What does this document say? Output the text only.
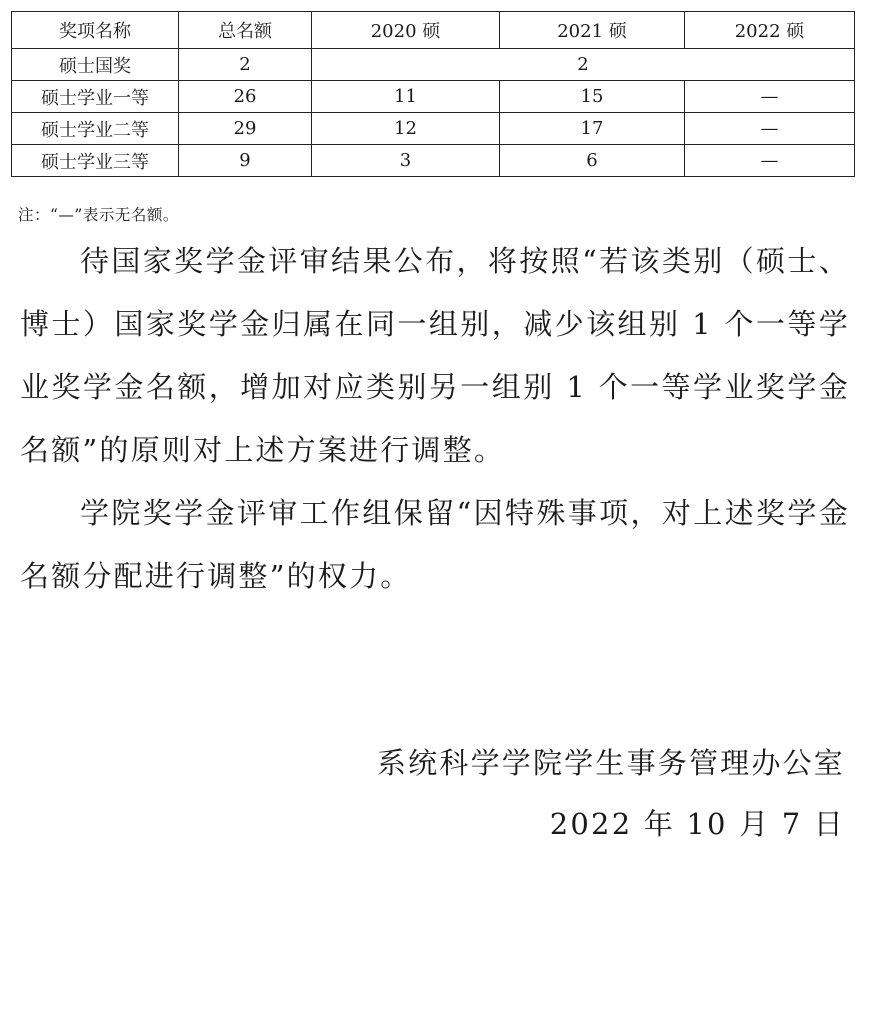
奖项名称	总名额	2020 硕	2021 硕	2022 硕
硕士国奖	2	2		
硕士学业一等	26	11	15	—
硕士学业二等	29	12	17	—
硕士学业三等	9	3	6	—
注：“—”表示无名额。

待国家奖学金评审结果公布，将按照“若该类别（硕士、博士）国家奖学金归属在同一组别，减少该组别 1 个一等学业奖学金名额，增加对应类别另一组别 1 个一等学业奖学金名额”的原则对上述方案进行调整。

学院奖学金评审工作组保留“因特殊事项，对上述奖学金名额分配进行调整”的权力。

系统科学学院学生事务管理办公室
2022 年 10 月 7 日
